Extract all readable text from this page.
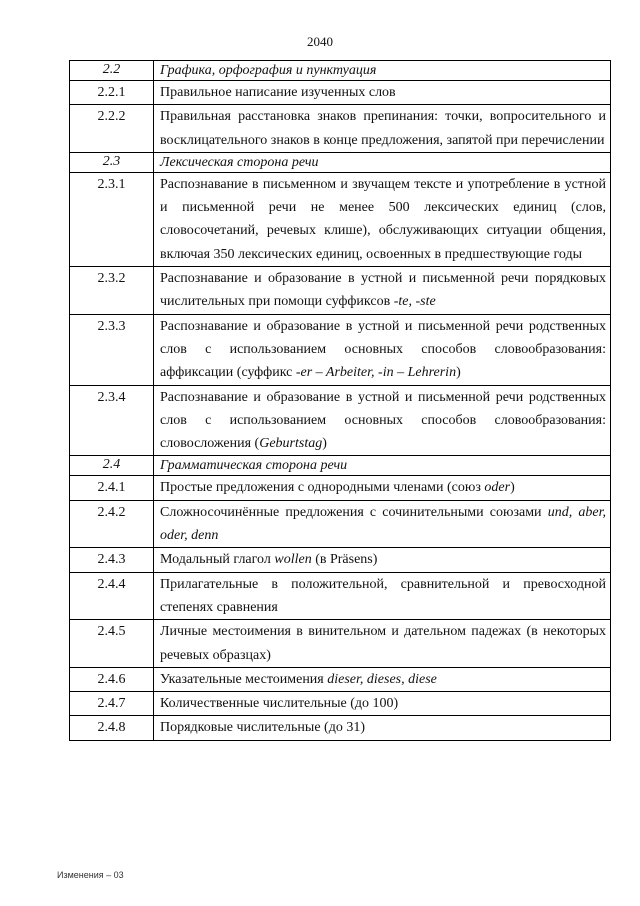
2040
2.2	Графика, орфография и пунктуация
2.2.1	Правильное написание изученных слов
2.2.2	Правильная расстановка знаков препинания: точки, вопросительного и восклицательного знаков в конце предложения, запятой при перечислении
2.3	Лексическая сторона речи
2.3.1	Распознавание в письменном и звучащем тексте и употребление в устной и письменной речи не менее 500 лексических единиц (слов, словосочетаний, речевых клише), обслуживающих ситуации общения, включая 350 лексических единиц, освоенных в предшествующие годы
2.3.2	Распознавание и образование в устной и письменной речи порядковых числительных при помощи суффиксов -te, -ste
2.3.3	Распознавание и образование в устной и письменной речи родственных слов с использованием основных способов словообразования: аффиксации (суффикс -er – Arbeiter, -in – Lehrerin)
2.3.4	Распознавание и образование в устной и письменной речи родственных слов с использованием основных способов словообразования: словосложения (Geburtstag)
2.4	Грамматическая сторона речи
2.4.1	Простые предложения с однородными членами (союз oder)
2.4.2	Сложносочинённые предложения с сочинительными союзами und, aber, oder, denn
2.4.3	Модальный глагол wollen (в Präsens)
2.4.4	Прилагательные в положительной, сравнительной и превосходной степенях сравнения
2.4.5	Личные местоимения в винительном и дательном падежах (в некоторых речевых образцах)
2.4.6	Указательные местоимения dieser, dieses, diese
2.4.7	Количественные числительные (до 100)
2.4.8	Порядковые числительные (до 31)
Изменения – 03
